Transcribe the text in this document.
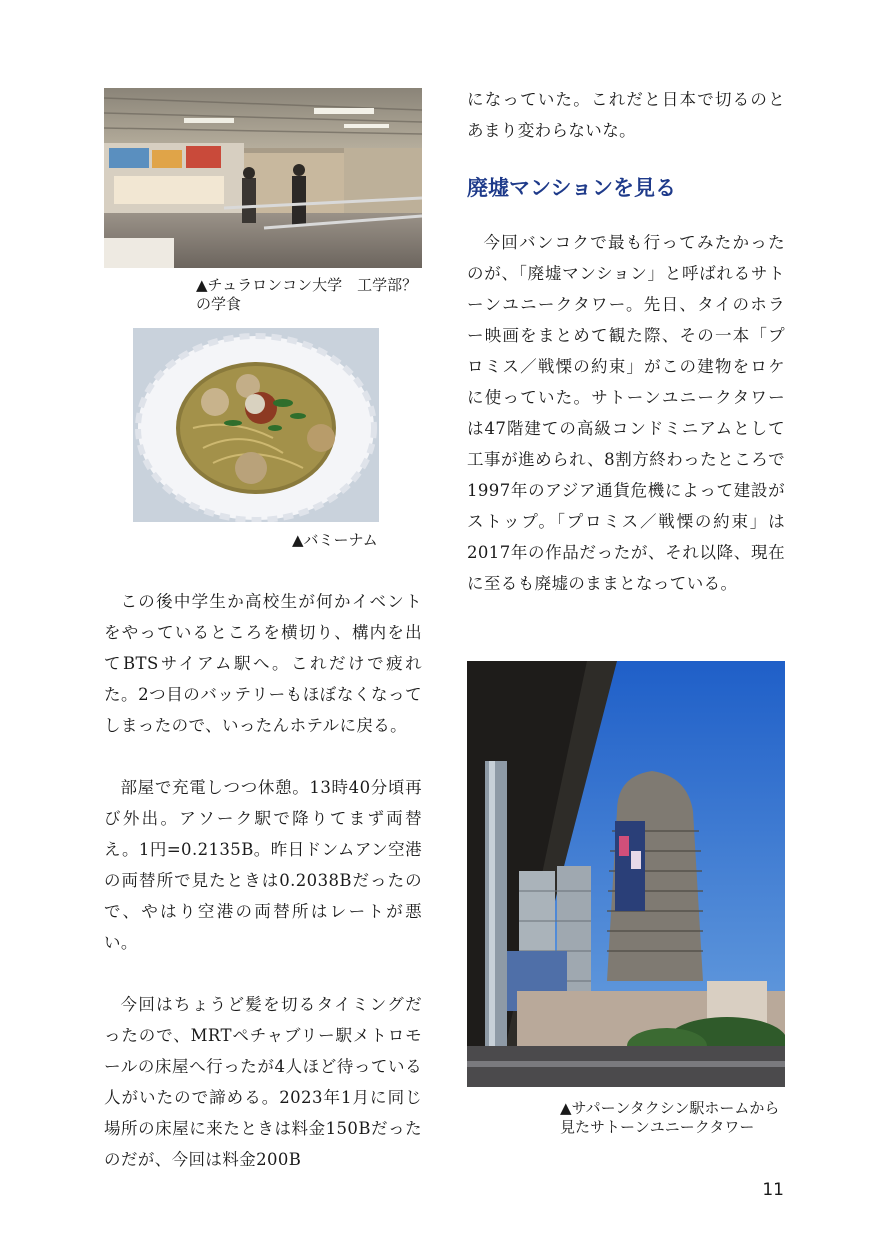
▲チュラロンコン大学　工学部？の学食
▲バミーナム

この後中学生か高校生が何かイベントをやっているところを横切り、構内を出てBTSサイアム駅へ。これだけで疲れた。2つ目のバッテリーもほぼなくなってしまったので、いったんホテルに戻る。

部屋で充電しつつ休憩。13時40分頃再び外出。アソーク駅で降りてまず両替え。1円=0.2135B。昨日ドンムアン空港の両替所で見たときは0.2038Bだったので、やはり空港の両替所はレートが悪い。

今回はちょうど髪を切るタイミングだったので、MRTペチャブリー駅メトロモールの床屋へ行ったが4人ほど待っている人がいたので諦める。2023年1月に同じ場所の床屋に来たときは料金150Bだったのだが、今回は料金200B

になっていた。これだと日本で切るのとあまり変わらないな。

廃墟マンションを見る

今回バンコクで最も行ってみたかったのが、「廃墟マンション」と呼ばれるサトーンユニークタワー。先日、タイのホラー映画をまとめて観た際、その一本「プロミス／戦慄の約束」がこの建物をロケに使っていた。サトーンユニークタワーは47階建ての高級コンドミニアムとして工事が進められ、8割方終わったところで1997年のアジア通貨危機によって建設がストップ。「プロミス／戦慄の約束」は2017年の作品だったが、それ以降、現在に至るも廃墟のままとなっている。

▲サパーンタクシン駅ホームから見たサトーンユニークタワー
11
